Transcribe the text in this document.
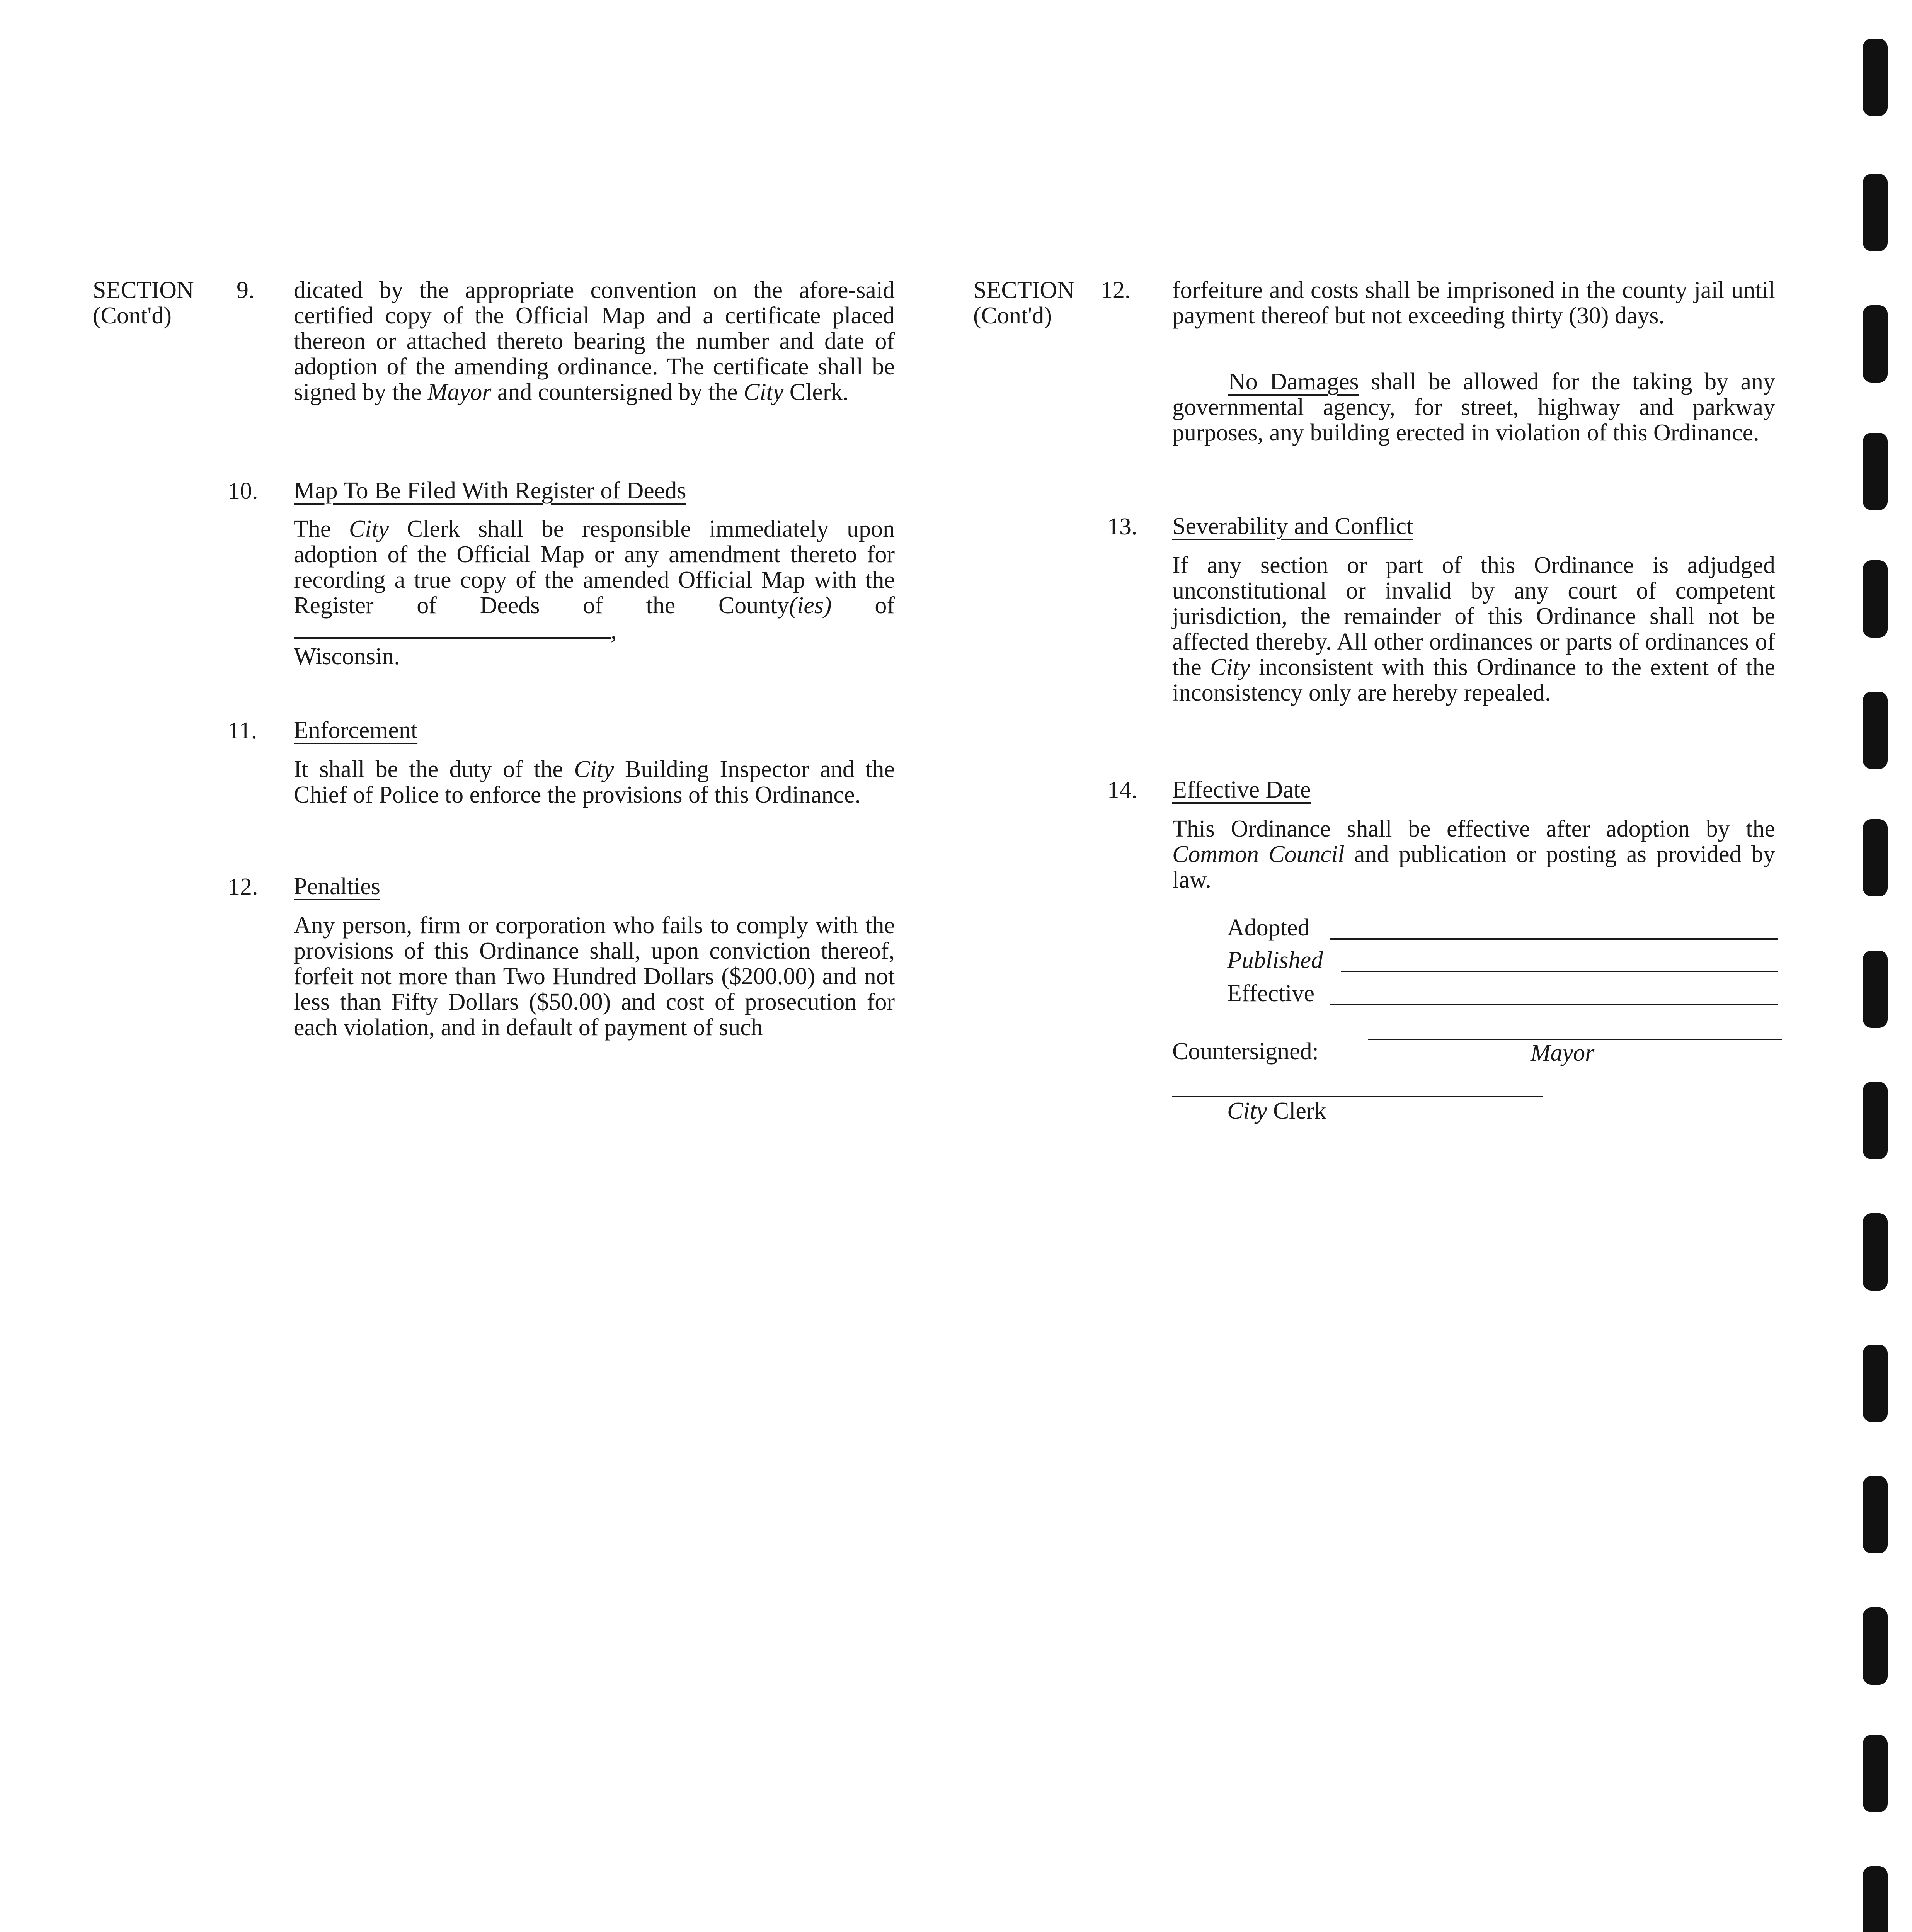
SECTION
(Cont'd)
9. dicated by the appropriate convention on the afore-said certified copy of the Official Map and a certificate placed thereon or attached thereto bearing the number and date of adoption of the amending ordinance. The certificate shall be signed by the Mayor and countersigned by the City Clerk.
10. Map To Be Filed With Register of Deeds
The City Clerk shall be responsible immediately upon adoption of the Official Map or any amendment thereto for recording a true copy of the amended Official Map with the Register of Deeds of the County(ies) of ,
Wisconsin.
11. Enforcement
It shall be the duty of the City Building Inspector and the Chief of Police to enforce the provisions of this Ordinance.
12. Penalties
Any person, firm or corporation who fails to comply with the provisions of this Ordinance shall, upon conviction thereof, forfeit not more than Two Hundred Dollars ($200.00) and not less than Fifty Dollars ($50.00) and cost of prosecution for each violation, and in default of payment of such
SECTION
(Cont'd)
12. forfeiture and costs shall be imprisoned in the county jail until payment thereof but not exceeding thirty (30) days.
No Damages shall be allowed for the taking by any governmental agency, for street, highway and parkway purposes, any building erected in violation of this Ordinance.
13. Severability and Conflict
If any section or part of this Ordinance is adjudged unconstitutional or invalid by any court of competent jurisdiction, the remainder of this Ordinance shall not be affected thereby. All other ordinances or parts of ordinances of the City inconsistent with this Ordinance to the extent of the inconsistency only are hereby repealed.
14. Effective Date
This Ordinance shall be effective after adoption by the Common Council and publication or posting as provided by law.
Adopted
Published
Effective
Countersigned:	Mayor
City Clerk
